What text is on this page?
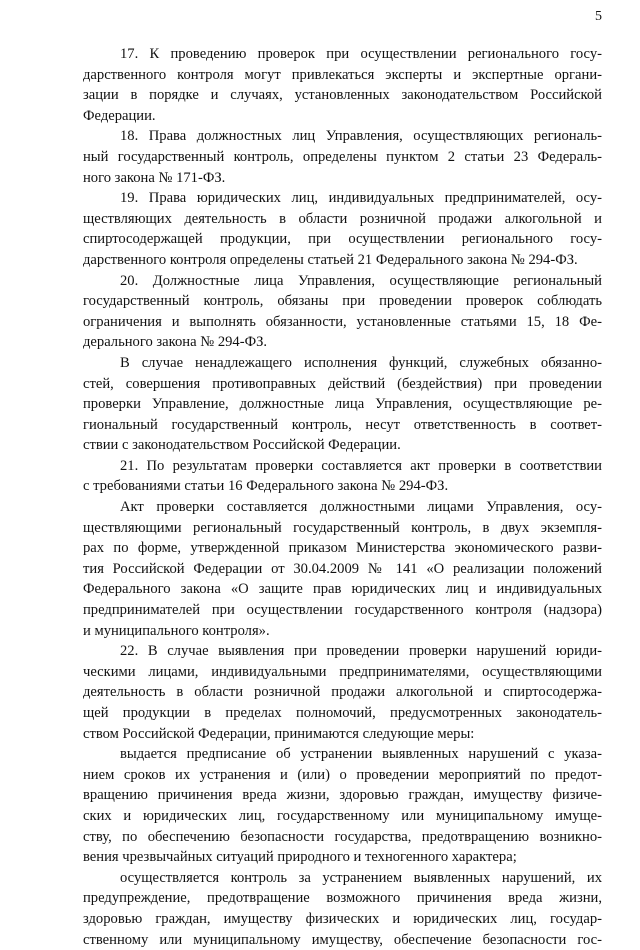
5
17. К проведению проверок при осуществлении регионального госу-
дарственного контроля могут привлекаться эксперты и экспертные органи-
зации в порядке и случаях, установленных законодательством Российской
Федерации.
18. Права должностных лиц Управления, осуществляющих региональ-
ный государственный контроль, определены пунктом 2 статьи 23 Федераль-
ного закона № 171-ФЗ.
19. Права юридических лиц, индивидуальных предпринимателей, осу-
ществляющих деятельность в области розничной продажи алкогольной и
спиртосодержащей продукции, при осуществлении регионального госу-
дарственного контроля определены статьей 21 Федерального закона № 294-ФЗ.
20. Должностные лица Управления, осуществляющие региональный
государственный контроль, обязаны при проведении проверок соблюдать
ограничения и выполнять обязанности, установленные статьями 15, 18 Фе-
дерального закона № 294-ФЗ.
В случае ненадлежащего исполнения функций, служебных обязанно-
стей, совершения противоправных действий (бездействия) при проведении
проверки Управление, должностные лица Управления, осуществляющие ре-
гиональный государственный контроль, несут ответственность в соответ-
ствии с законодательством Российской Федерации.
21. По результатам проверки составляется акт проверки в соответствии
с требованиями статьи 16 Федерального закона № 294-ФЗ.
Акт проверки составляется должностными лицами Управления, осу-
ществляющими региональный государственный контроль, в двух экземпля-
рах по форме, утвержденной приказом Министерства экономического разви-
тия Российской Федерации от 30.04.2009 № 141 «О реализации положений
Федерального закона «О защите прав юридических лиц и индивидуальных
предпринимателей при осуществлении государственного контроля (надзора)
и муниципального контроля».
22. В случае выявления при проведении проверки нарушений юриди-
ческими лицами, индивидуальными предпринимателями, осуществляющими
деятельность в области розничной продажи алкогольной и спиртосодержа-
щей продукции в пределах полномочий, предусмотренных законодатель-
ством Российской Федерации, принимаются следующие меры:
выдается предписание об устранении выявленных нарушений с указа-
нием сроков их устранения и (или) о проведении мероприятий по предот-
вращению причинения вреда жизни, здоровью граждан, имуществу физиче-
ских и юридических лиц, государственному или муниципальному имуще-
ству, по обеспечению безопасности государства, предотвращению возникно-
вения чрезвычайных ситуаций природного и техногенного характера;
осуществляется контроль за устранением выявленных нарушений, их
предупреждение, предотвращение возможного причинения вреда жизни,
здоровью граждан, имуществу физических и юридических лиц, государ-
ственному или муниципальному имуществу, обеспечение безопасности гос-
